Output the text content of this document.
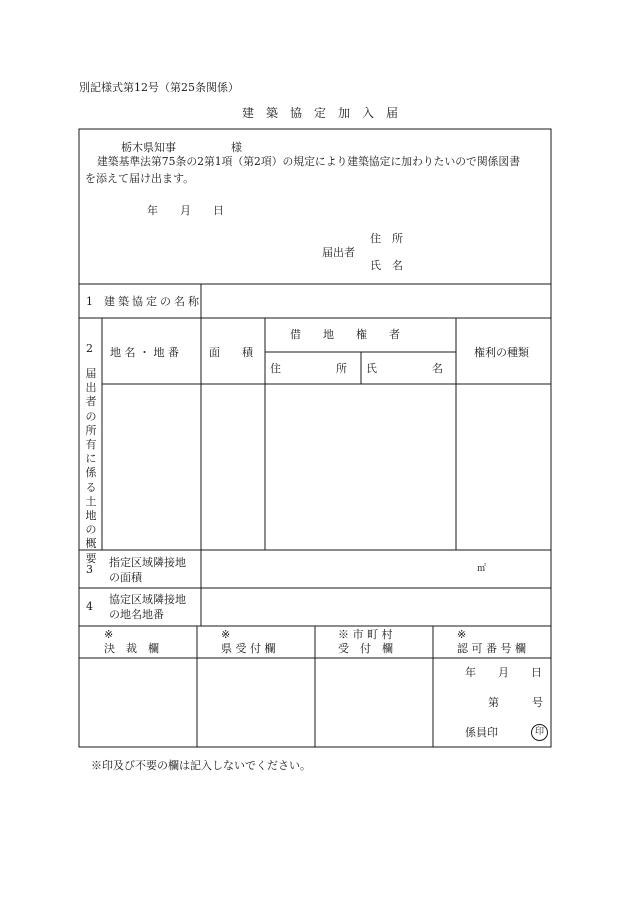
別記様式第12号（第25条関係）
建　築　協　定　加　入　届
栃木県知事　　　　　様
建築基準法第75条の2第1項（第2項）の規定により建築協定に加わりたいので関係図書
を添えて届け出ます。
年　　月　　日
届出者
住　所
氏　名
1 建築協定の名称
2
届出者の所有に係る土地の概要
地 名 ・ 地 番	面　　積
借　　地　　権　　者
住　　　　　所 氏　　　　　名
権利の種類
3
指定区域隣接地
の面積
㎡
4
協定区域隣接地
の地名地番
※
決　裁　欄
※
県 受 付 欄
※ 市 町 村
受　付　欄
※
認 可 番 号 欄
年　　月　　日
第　　　号
係員印	印
※印及び不要の欄は記入しないでください。
